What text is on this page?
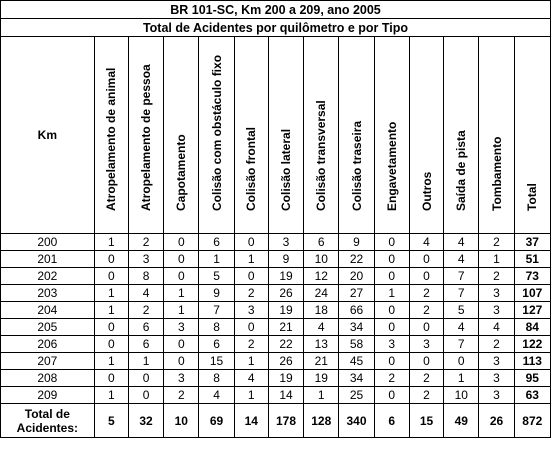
BR 101-SC, Km 200 a 209, ano 2005													
Total de Acidentes por quilômetro e por Tipo													
Km	Atropelamento de animal	Atropelamento de pessoa	Capotamento	Colisão com obstáculo fixo	Colisão frontal	Colisão lateral	Colisão transversal	Colisão traseira	Engavetamento	Outros	Saída de pista	Tombamento	Total

200	1	2	0	6	0	3	6	9	0	4	4	2	37
201	0	3	0	1	1	9	10	22	0	0	4	1	51
202	0	8	0	5	0	19	12	20	0	0	7	2	73
203	1	4	1	9	2	26	24	27	1	2	7	3	107
204	1	2	1	7	3	19	18	66	0	2	5	3	127
205	0	6	3	8	0	21	4	34	0	0	4	4	84
206	0	6	0	6	2	22	13	58	3	3	7	2	122
207	1	1	0	15	1	26	21	45	0	0	0	3	113
208	0	0	3	8	4	19	19	34	2	2	1	3	95
209	1	0	2	4	1	14	1	25	0	2	10	3	63
Total de
Acidentes:	5	32	10	69	14	178	128	340	6	15	49	26	872
